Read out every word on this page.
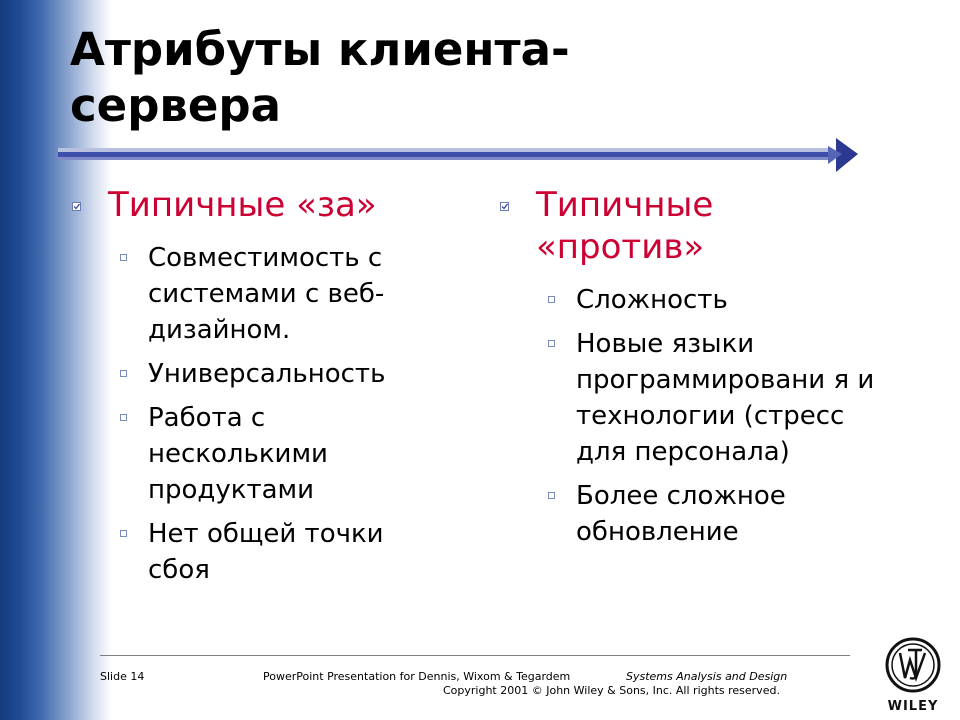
Атрибуты клиента-
сервера
Типичные «за»
Совместимость с системами с веб-дизайном.
Универсальность
Работа с несколькими продуктами
Нет общей точки сбоя
Типичные «против»
Сложность
Новые языки программировани я и технологии (стресс для персонала)
Более сложное обновление
Slide 14	PowerPoint Presentation for Dennis, Wixom & Tegardem	Systems Analysis and Design
Copyright 2001 © John Wiley & Sons, Inc. All rights reserved.
WILEY
